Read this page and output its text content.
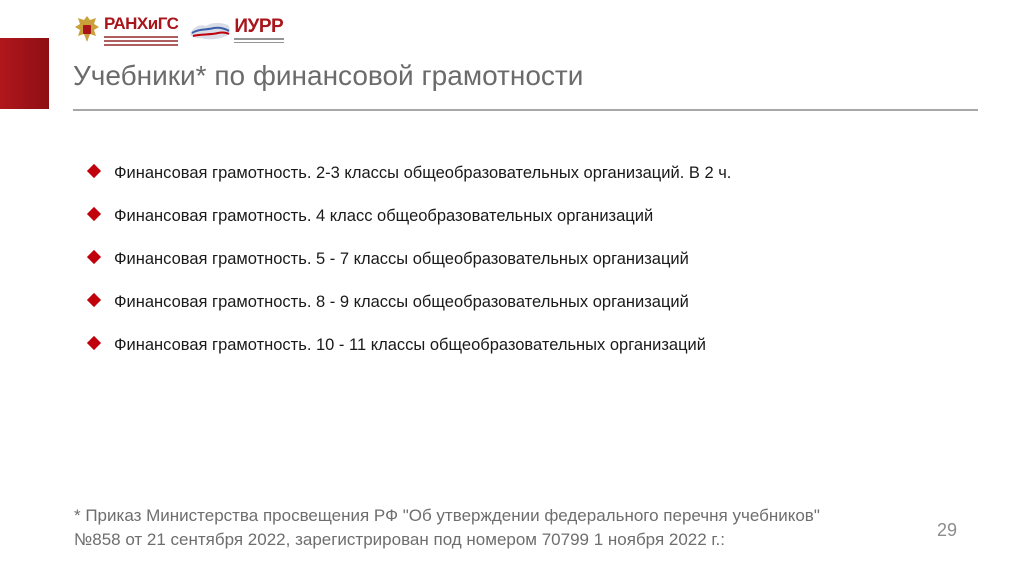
РАНХиГС	ИУРР
Учебники* по финансовой грамотности
Финансовая грамотность. 2-3 классы общеобразовательных организаций. В 2 ч.
Финансовая грамотность. 4 класс общеобразовательных организаций
Финансовая грамотность. 5 - 7 классы общеобразовательных организаций
Финансовая грамотность. 8 - 9 классы общеобразовательных организаций
Финансовая грамотность. 10 - 11 классы общеобразовательных организаций
* Приказ Министерства просвещения РФ "Об утверждении федерального перечня учебников"
№858 от 21 сентября 2022, зарегистрирован под номером 70799 1 ноября 2022 г.:	29
